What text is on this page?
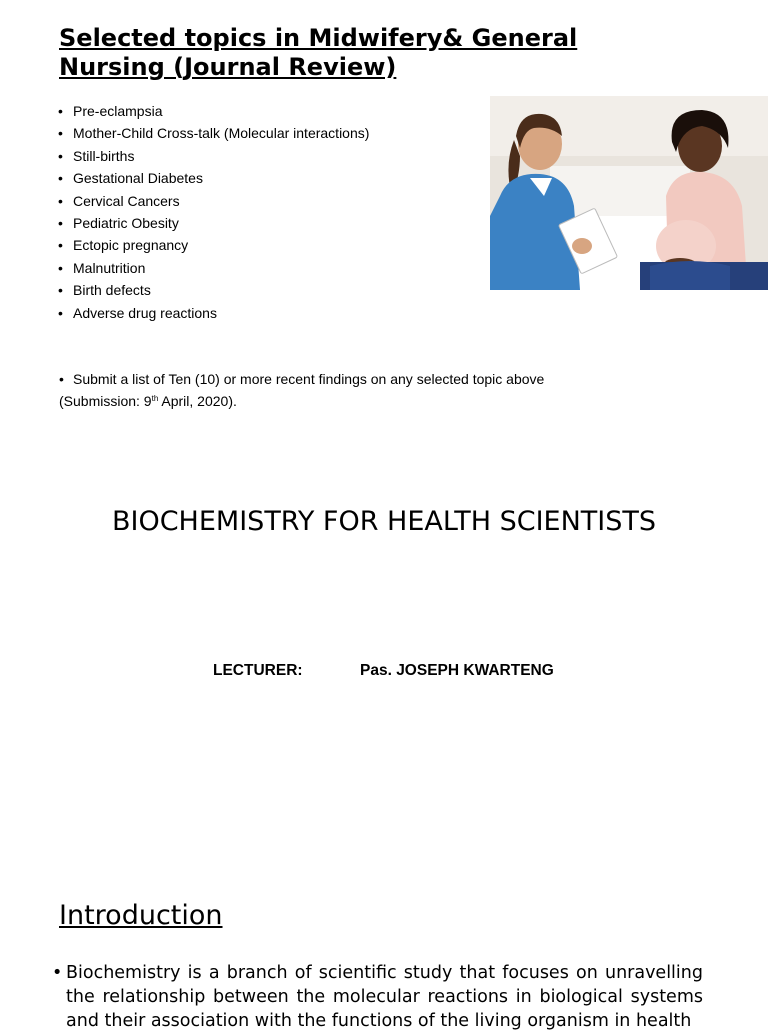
Selected topics in Midwifery& General Nursing (Journal Review)
• Pre-eclampsia
• Mother-Child Cross-talk (Molecular interactions)
• Still-births
• Gestational Diabetes
• Cervical Cancers
• Pediatric Obesity
• Ectopic pregnancy
• Malnutrition
• Birth defects
• Adverse drug reactions
• Submit a list of Ten (10) or more recent findings on any selected topic above
(Submission: 9th April, 2020).
BIOCHEMISTRY FOR HEALTH SCIENTISTS
LECTURER:	Pas. JOSEPH KWARTENG
Introduction
• Biochemistry is a branch of scientific study that focuses on unravelling the relationship between the molecular reactions in biological systems and their association with the functions of the living organism in health
